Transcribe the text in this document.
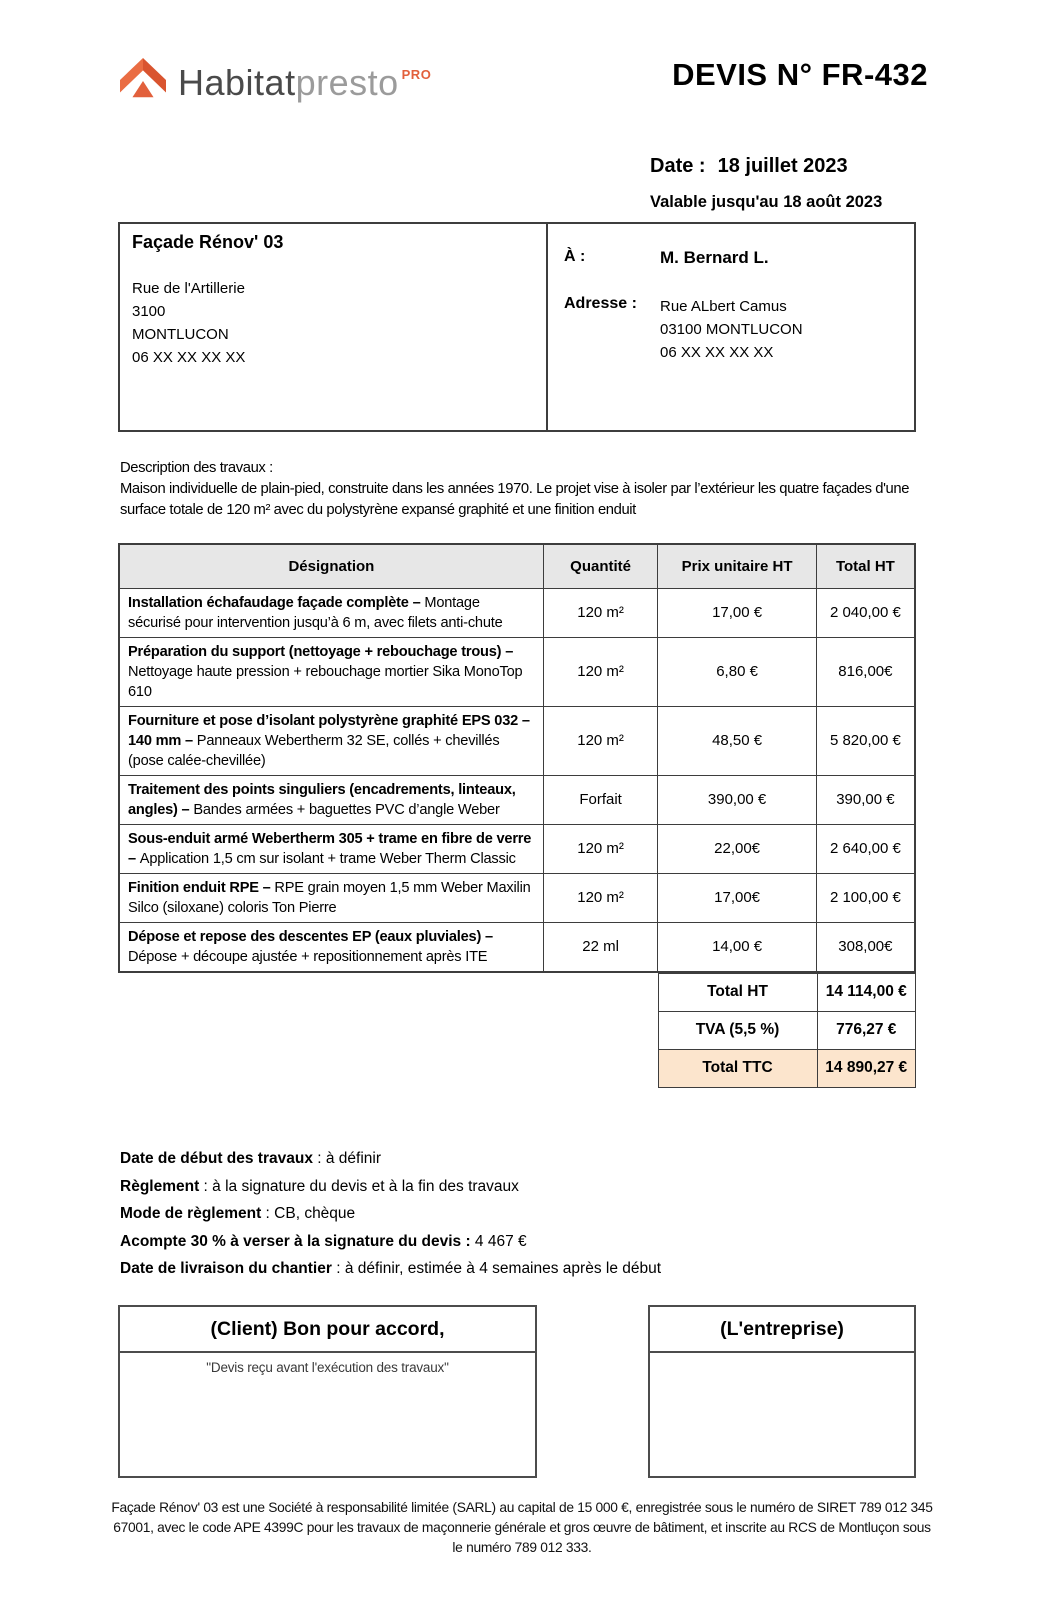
Habitatpresto $^{PRO}$	DEVIS N° FR-432
Date : 18 juillet 2023
Valable jusqu'au 18 août 2023
Façade Rénov' 03
Rue de l'Artillerie
3100
MONTLUCON
06 XX XX XX XX
À :	M. Bernard L.
Adresse :	Rue ALbert Camus
03100 MONTLUCON
06 XX XX XX XX
Description des travaux :
Maison individuelle de plain-pied, construite dans les années 1970. Le projet vise à isoler par l’extérieur les quatre façades d'une surface totale de 120 m² avec du polystyrène expansé graphité et une finition enduit
Désignation	Quantité	Prix unitaire HT	Total HT
Installation échafaudage façade complète – Montage sécurisé pour intervention jusqu’à 6 m, avec filets anti-chute	120 m²	17,00 €	2 040,00 €
Préparation du support (nettoyage + rebouchage trous) – Nettoyage haute pression + rebouchage mortier Sika MonoTop 610	120 m²	6,80 €	816,00€
Fourniture et pose d’isolant polystyrène graphité EPS 032 – 140 mm – Panneaux Webertherm 32 SE, collés + chevillés (pose calée-chevillée)	120 m²	48,50 €	5 820,00 €
Traitement des points singuliers (encadrements, linteaux, angles) – Bandes armées + baguettes PVC d’angle Weber	Forfait	390,00 €	390,00 €
Sous-enduit armé Webertherm 305 + trame en fibre de verre – Application 1,5 cm sur isolant + trame Weber Therm Classic	120 m²	22,00€	2 640,00 €
Finition enduit RPE – RPE grain moyen 1,5 mm Weber Maxilin Silco (siloxane) coloris Ton Pierre	120 m²	17,00€	2 100,00 €
Dépose et repose des descentes EP (eaux pluviales) – Dépose + découpe ajustée + repositionnement après ITE	22 ml	14,00 €	308,00€
Total HT	14 114,00 €
TVA (5,5 %)	776,27 €
Total TTC	14 890,27 €

Date de début des travaux : à définir

Règlement : à la signature du devis et à la fin des travaux

Mode de règlement : CB, chèque

Acompte 30 % à verser à la signature du devis : 4 467 €

Date de livraison du chantier : à définir, estimée à 4 semaines après le début

(Client) Bon pour accord,
"Devis reçu avant l'exécution des travaux"
(L'entreprise)
Façade Rénov' 03 est une Société à responsabilité limitée (SARL) au capital de 15 000 €, enregistrée sous le numéro de SIRET 789 012 345 67001, avec le code APE 4399C pour les travaux de maçonnerie générale et gros œuvre de bâtiment, et inscrite au RCS de Montluçon sous le numéro 789 012 333.
